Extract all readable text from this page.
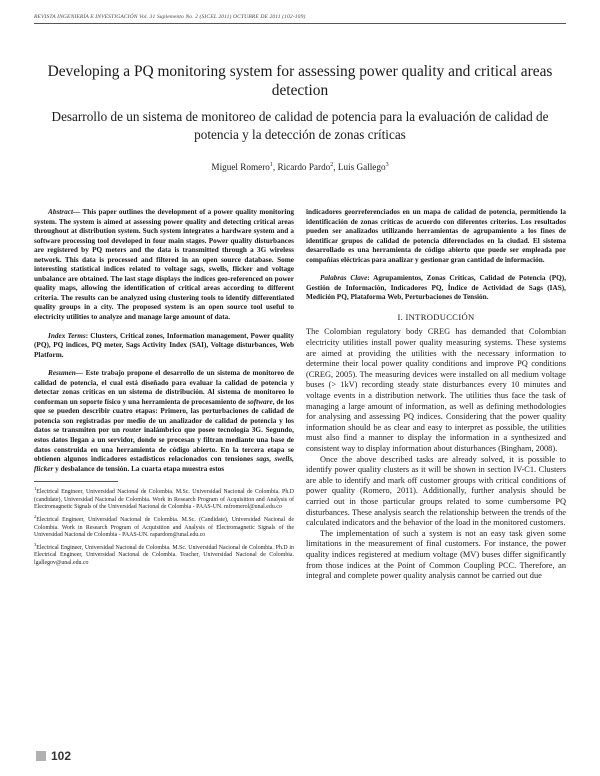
REVISTA INGENIERÍA E INVESTIGACIÓN Vol. 31 Suplemento No. 2 (SICEL 2011) OCTUBRE DE 2011 (102-109)
Developing a PQ monitoring system for assessing power quality and critical areas detection
Desarrollo de un sistema de monitoreo de calidad de potencia para la evaluación de calidad de potencia y la detección de zonas críticas
Miguel Romero$^1$, Ricardo Pardo$^2$, Luis Gallego$^3$

Abstract— This paper outlines the development of a power quality monitoring system. The system is aimed at assessing power quality and detecting critical areas throughout at distribution system. Such system integrates a hardware system and a software processing tool developed in four main stages. Power quality disturbances are registered by PQ meters and the data is transmitted through a 3G wireless network. This data is processed and filtered in an open source database. Some interesting statistical indices related to voltage sags, swells, flicker and voltage unbalance are obtained. The last stage displays the indices geo-referenced on power quality maps, allowing the identification of critical areas according to different criteria. The results can be analyzed using clustering tools to identify differentiated quality groups in a city. The proposed system is an open source tool useful to electricity utilities to analyze and manage large amount of data.

Index Terms: Clusters, Critical zones, Information management, Power quality (PQ), PQ indices, PQ meter, Sags Activity Index (SAI), Voltage disturbances, Web Platform.

Resumen— Este trabajo propone el desarrollo de un sistema de monitoreo de calidad de potencia, el cual está diseñado para evaluar la calidad de potencia y detectar zonas críticas en un sistema de distribución. Al sistema de monitoreo lo conforman un soporte físico y una herramienta de procesamiento de software, de los que se pueden describir cuatro etapas: Primero, las perturbaciones de calidad de potencia son registradas por medio de un analizador de calidad de potencia y los datos se transmiten por un router inalámbrico que posee tecnología 3G. Segundo, estos datos llegan a un servidor, donde se procesan y filtran mediante una base de datos construida en una herramienta de código abierto. En la tercera etapa se obtienen algunos indicadores estadísticos relacionados con tensiones sags, swells, flicker y desbalance de tensión. La cuarta etapa muestra estos

$^1$Electrical Engineer, Universidad Nacional de Colombia. M.Sc. Universidad Nacional de Colombia. Ph.D (candidate), Universidad Nacional de Colombia. Work in Research Program of Acquisition and Analysis of Electromagnetic Signals of the Universidad Nacional de Colombia - PAAS-UN. mfromerol@unal.edu.co

$^2$Electrical Engineer, Universidad Nacional de Colombia. M.Sc. (Candidate), Universidad Nacional de Colombia. Work in Research Program of Acquisition and Analysis of Electromagnetic Signals of the Universidad Nacional de Colombia - PAAS-UN. rapardom@unal.edu.co

$^3$Electrical Engineer, Universidad Nacional de Colombia. M.Sc. Universidad Nacional de Colombia. Ph.D in Electrical Engineer, Universidad Nacional de Colombia. Teacher, Universidad Nacional de Colombia. lgallegov@unal.edu.co

indicadores georreferenciados en un mapa de calidad de potencia, permitiendo la identificación de zonas críticas de acuerdo con diferentes criterios. Los resultados pueden ser analizados utilizando herramientas de agrupamiento a los fines de identificar grupos de calidad de potencia diferenciados en la ciudad. El sistema desarrollado es una herramienta de código abierto que puede ser empleada por compañías eléctricas para analizar y gestionar gran cantidad de información.

Palabras Clave: Agrupamientos, Zonas Críticas, Calidad de Potencia (PQ), Gestión de Información, Indicadores PQ, Índice de Actividad de Sags (IAS), Medición PQ, Plataforma Web, Perturbaciones de Tensión.

I. INTRODUCCIÓN

The Colombian regulatory body CREG has demanded that Colombian electricity utilities install power quality measuring systems. These systems are aimed at providing the utilities with the necessary information to determine their local power quality conditions and improve PQ conditions (CREG, 2005). The measuring devices were installed on all medium voltage buses (> 1kV) recording steady state disturbances every 10 minutes and voltage events in a distribution network. The utilities thus face the task of managing a large amount of information, as well as defining methodologies for analysing and assessing PQ indices. Considering that the power quality information should be as clear and easy to interpret as possible, the utilities must also find a manner to display the information in a synthesized and consistent way to display information about disturbances (Bingham, 2008).

Once the above described tasks are already solved, it is possible to identify power quality clusters as it will be shown in section IV-C1. Clusters are able to identify and mark off customer groups with critical conditions of power quality (Romero, 2011). Additionally, further analysis should be carried out in those particular groups related to some cumbersome PQ disturbances. These analysis search the relationship between the trends of the calculated indicators and the behavior of the load in the monitored customers.

The implementation of such a system is not an easy task given some limitations in the measurement of final customers. For instance, the power quality indices registered at medium voltage (MV) buses differ significantly from those indices at the Point of Common Coupling PCC. Therefore, an integral and complete power quality analysis cannot be carried out due

102
